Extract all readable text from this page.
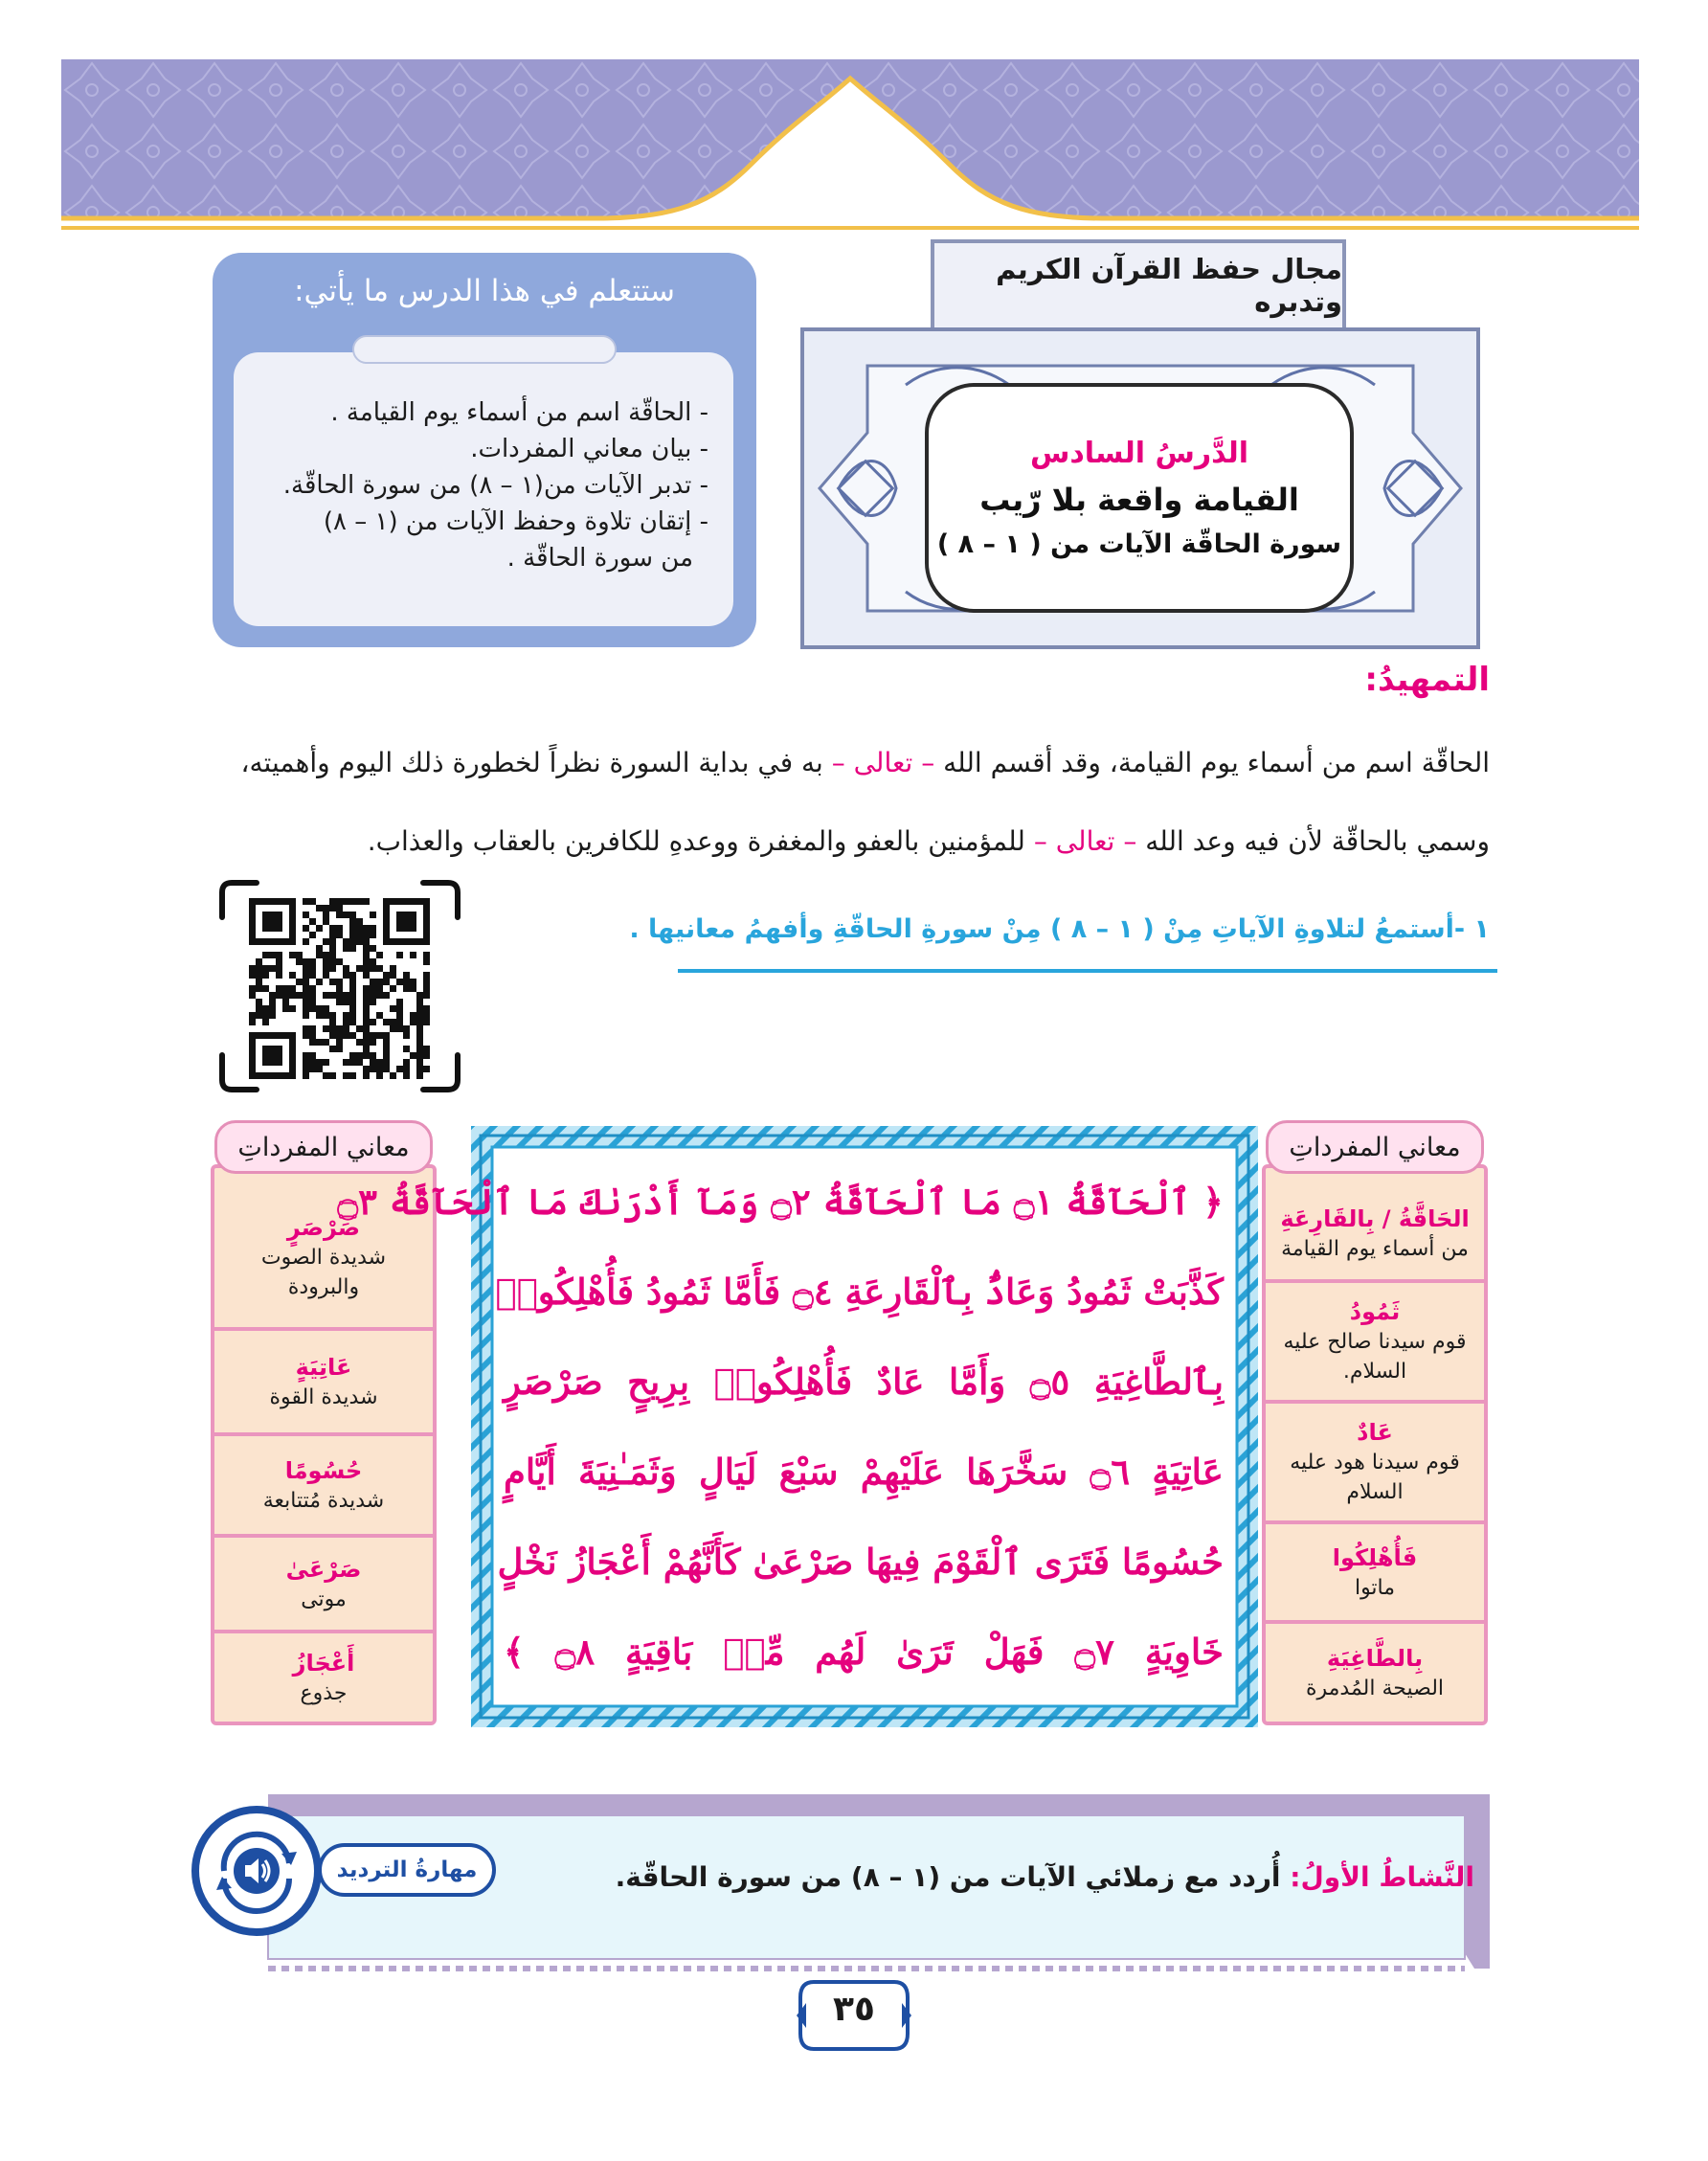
مجال حفظ القرآن الكريم وتدبره
الدَّرسُ السادس
القيامة واقعة بلا رّيب
سورة الحاقّة الآيات من ( ١ – ٨ )
ستتعلم في هذا الدرس ما يأتي:
- الحاقّة اسم من أسماء يوم القيامة .
- بيان معاني المفردات.
- تدبر الآيات من(١ – ٨) من سورة الحاقّة.
- إتقان تلاوة وحفظ الآيات من (١ – ٨)
من سورة الحاقّة .
التمهيدُ:
الحاقّة اسم من أسماء يوم القيامة، وقد أقسم الله – تعالى – به في بداية السورة نظراً لخطورة ذلك اليوم وأهميته،
وسمي بالحاقّة لأن فيه وعد الله – تعالى – للمؤمنين بالعفو والمغفرة ووعدهِ للكافرين بالعقاب والعذاب.
١ -أستمعُ لتلاوةِ الآياتِ مِنْ ( ١ – ٨ ) مِنْ سورةِ الحاقّةِ وأفهمُ معانيها .
الحَاقَّةُ / بِالقَارِعَةِ
من أسماء يوم القيامة
ثَمُودُ
قوم سيدنا صالح عليه السلام.
عَادٌ
قوم سيدنا هود عليه السلام
فَأُهْلِكُوا
ماتوا
بِالطَّاغِيَةِ
الصيحة المُدمرة
معاني المفرداتِ
صَرْصَرٍ
شديدة الصوت والبرودة
عَاتِيَةٍ
شديدة القوة
حُسُومًا
شديدة مُتتابعة
صَرْعَىٰ
موتى
أَعْجَازُ
جذوع
معاني المفرداتِ
﴿ ٱلْحَآقَّةُ ۝١ مَا ٱلْحَآقَّةُ ۝٢ وَمَآ أَدْرَىٰكَ مَا ٱلْحَآقَّةُ ۝٣
كَذَّبَتْ ثَمُودُ وَعَادٌۢ بِٱلْقَارِعَةِ ۝٤ فَأَمَّا ثَمُودُ فَأُهْلِكُوا۟
بِٱلطَّاغِيَةِ ۝٥ وَأَمَّا عَادٌ فَأُهْلِكُوا۟ بِرِيحٍ صَرْصَرٍ
عَاتِيَةٍ ۝٦ سَخَّرَهَا عَلَيْهِمْ سَبْعَ لَيَالٍ وَثَمَـٰنِيَةَ أَيَّامٍ
حُسُومًا فَتَرَى ٱلْقَوْمَ فِيهَا صَرْعَىٰ كَأَنَّهُمْ أَعْجَازُ نَخْلٍ
خَاوِيَةٍ ۝٧ فَهَلْ تَرَىٰ لَهُم مِّنۢ بَاقِيَةٍ ۝٨ ﴾
النَّشاطُ الأولُ: أُردد مع زملائي الآيات من (١ – ٨) من سورة الحاقّة.
مهارةُ الترديد
٣٥
